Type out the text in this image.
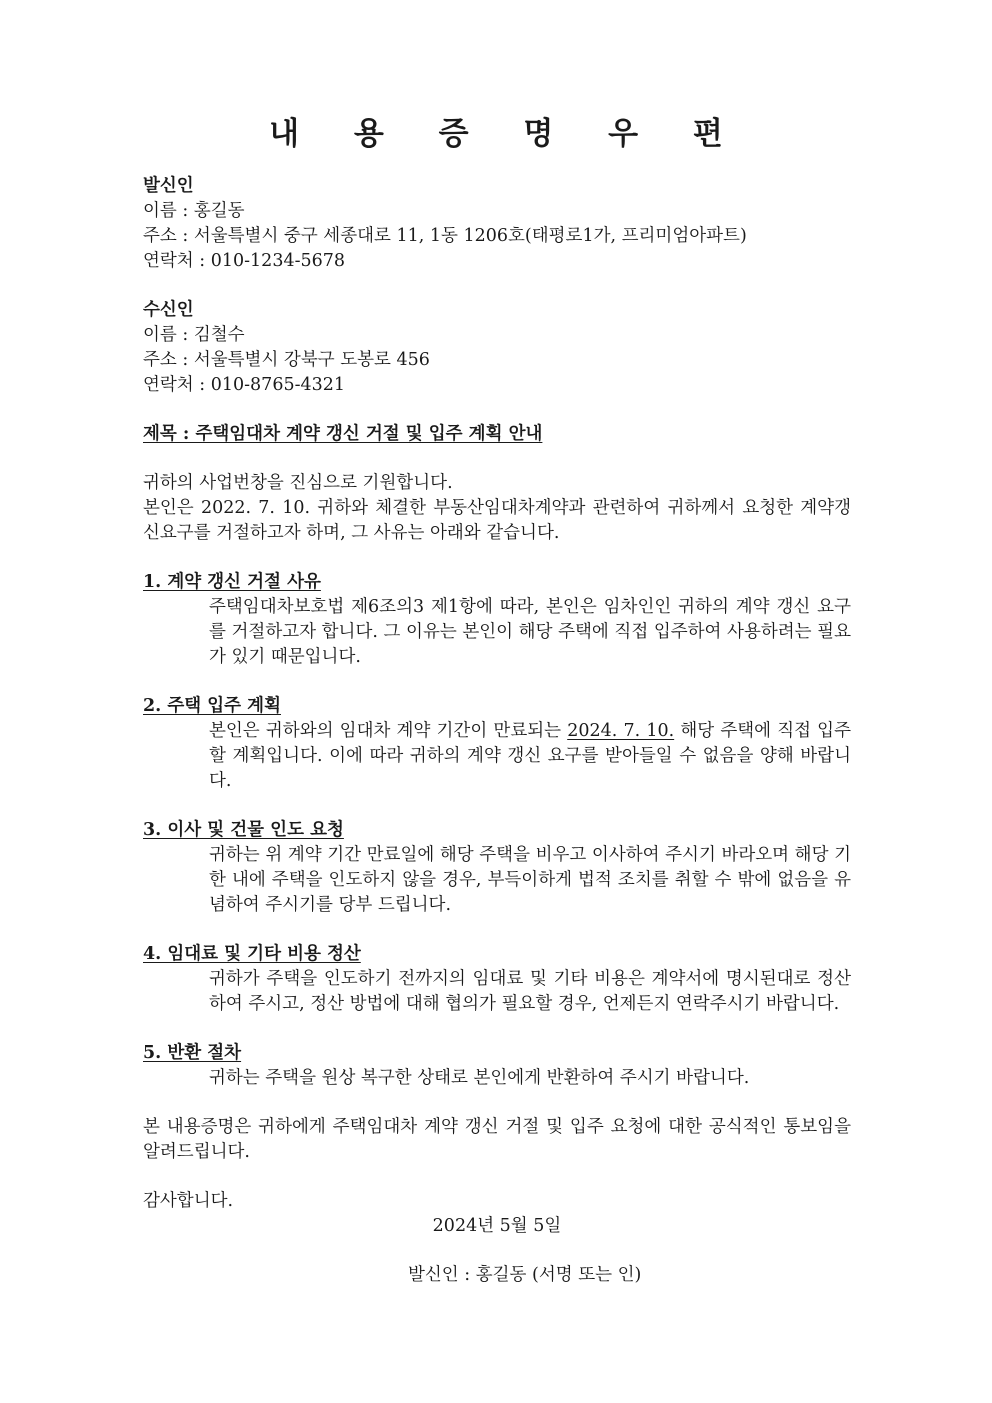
내 용 증 명 우 편
발신인
이름 : 홍길동
주소 : 서울특별시 중구 세종대로 11, 1동 1206호(태평로1가, 프리미엄아파트)
연락처 : 010-1234-5678
수신인
이름 : 김철수
주소 : 서울특별시 강북구 도봉로 456
연락처 : 010-8765-4321
제목 : 주택임대차 계약 갱신 거절 및 입주 계획 안내
귀하의 사업번창을 진심으로 기원합니다.

본인은 2022. 7. 10. 귀하와 체결한 부동산임대차계약과 관련하여 귀하께서 요청한 계약갱신요구를 거절하고자 하며, 그 사유는 아래와 같습니다.

1. 계약 갱신 거절 사유

주택임대차보호법 제6조의3 제1항에 따라, 본인은 임차인인 귀하의 계약 갱신 요구를 거절하고자 합니다. 그 이유는 본인이 해당 주택에 직접 입주하여 사용하려는 필요가 있기 때문입니다.

2. 주택 입주 계획

본인은 귀하와의 임대차 계약 기간이 만료되는 2024. 7. 10. 해당 주택에 직접 입주할 계획입니다. 이에 따라 귀하의 계약 갱신 요구를 받아들일 수 없음을 양해 바랍니다.

3. 이사 및 건물 인도 요청

귀하는 위 계약 기간 만료일에 해당 주택을 비우고 이사하여 주시기 바라오며 해당 기한 내에 주택을 인도하지 않을 경우, 부득이하게 법적 조치를 취할 수 밖에 없음을 유념하여 주시기를 당부 드립니다.

4. 임대료 및 기타 비용 정산

귀하가 주택을 인도하기 전까지의 임대료 및 기타 비용은 계약서에 명시된대로 정산하여 주시고, 정산 방법에 대해 협의가 필요할 경우, 언제든지 연락주시기 바랍니다.

5. 반환 절차

귀하는 주택을 원상 복구한 상태로 본인에게 반환하여 주시기 바랍니다.

본 내용증명은 귀하에게 주택임대차 계약 갱신 거절 및 입주 요청에 대한 공식적인 통보임을 알려드립니다.

감사합니다.
2024년 5월 5일
발신인 : 홍길동 (서명 또는 인)
